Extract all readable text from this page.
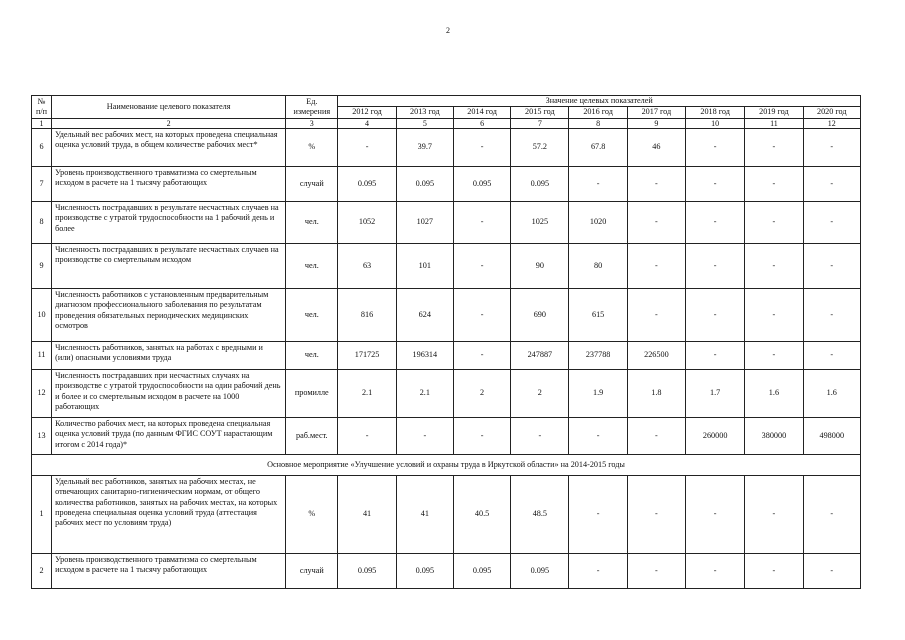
2
№ п/п	Наименование целевого показателя	Ед. измерения	Значение целевых показателей								
			2012 год	2013 год	2014 год	2015 год	2016 год	2017 год	2018 год	2019 год	2020 год
1	2	3	4	5	6	7	8	9	10	11	12
6	Удельный вес рабочих мест, на которых проведена специальная оценка условий труда, в общем количестве рабочих мест*	%	-	39.7	-	57.2	67.8	46	-	-	-
7	Уровень производственного травматизма со смертельным исходом в расчете на 1 тысячу работающих	случай	0.095	0.095	0.095	0.095	-	-	-	-	-
8	Численность пострадавших в результате несчастных случаев на производстве с утратой трудоспособности на 1 рабочий день и более	чел.	1052	1027	-	1025	1020	-	-	-	-
9	Численность пострадавших в результате несчастных случаев на производстве со смертельным исходом	чел.	63	101	-	90	80	-	-	-	-
10	Численность работников с установленным предварительным диагнозом профессионального заболевания по результатам проведения обязательных периодических медицинских осмотров	чел.	816	624	-	690	615	-	-	-	-
11	Численность работников, занятых на работах с вредными и (или) опасными условиями труда	чел.	171725	196314	-	247887	237788	226500	-	-	-
12	Численность пострадавших при несчастных случаях на производстве с утратой трудоспособности на один рабочий день и более и со смертельным исходом в расчете на 1000 работающих	промилле	2.1	2.1	2	2	1.9	1.8	1.7	1.6	1.6
13	Количество рабочих мест, на которых проведена специальная оценка условий труда (по данным ФГИС СОУТ нарастающим итогом с 2014 года)*	раб.мест.	-	-	-	-	-	-	260000	380000	498000
Основное мероприятие «Улучшение условий и охраны труда в Иркутской области» на 2014-2015 годы											
1	Удельный вес работников, занятых на рабочих местах, не отвечающих санитарно-гигиеническим нормам, от общего количества работников, занятых на рабочих местах, на которых проведена специальная оценка условий труда (аттестация рабочих мест по условиям труда)	%	41	41	40.5	48.5	-	-	-	-	-
2	Уровень производственного травматизма со смертельным исходом в расчете на 1 тысячу работающих	случай	0.095	0.095	0.095	0.095	-	-	-	-	-
